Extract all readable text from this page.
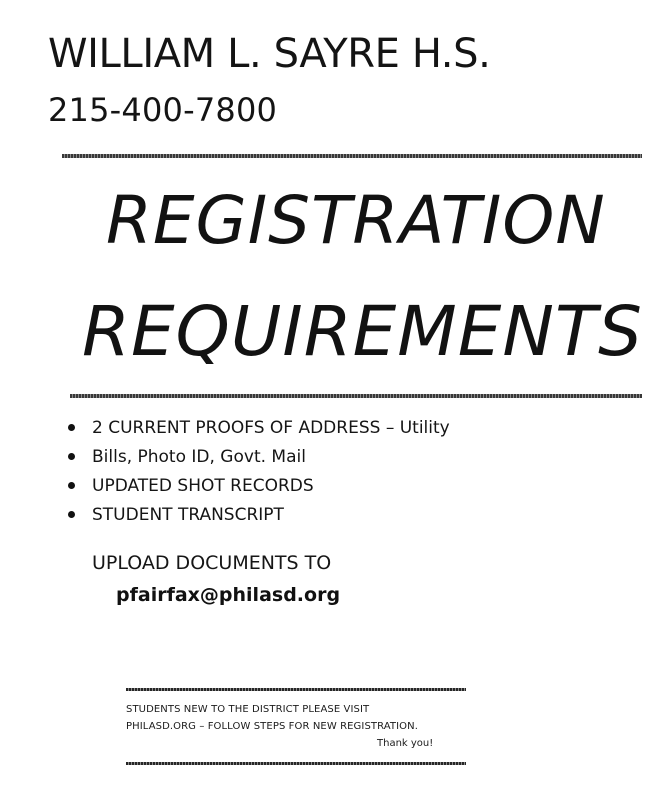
WILLIAM L. SAYRE H.S.
215-400-7800
REGISTRATION
REQUIREMENTS
2 CURRENT PROOFS OF ADDRESS – Utility
Bills, Photo ID, Govt. Mail
UPDATED SHOT RECORDS
STUDENT TRANSCRIPT
UPLOAD DOCUMENTS TO
pfairfax@philasd.org
STUDENTS NEW TO THE DISTRICT PLEASE VISIT
PHILASD.ORG – FOLLOW STEPS FOR NEW REGISTRATION.
Thank you!
